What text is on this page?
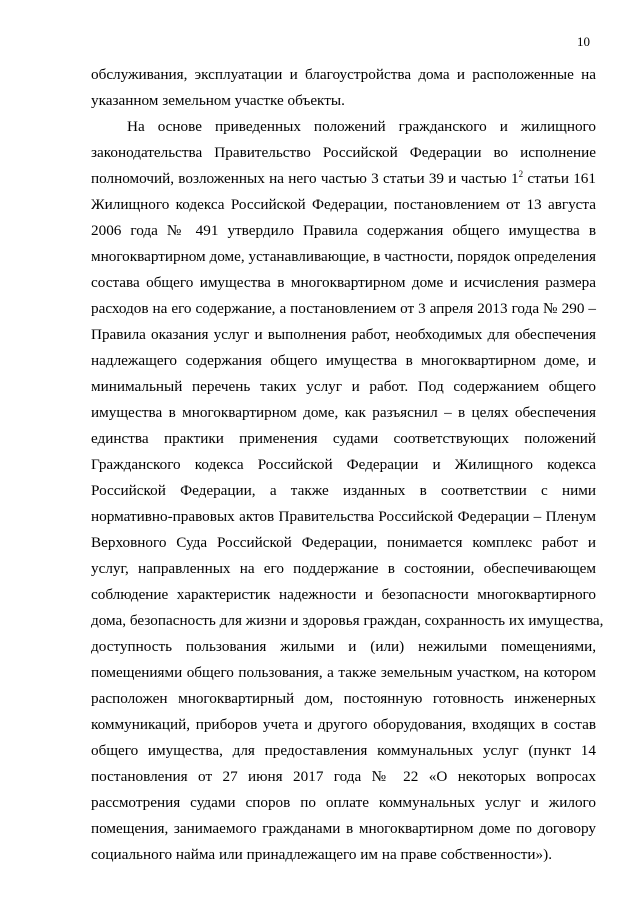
10
обслуживания, эксплуатации и благоустройства дома и расположенные на
указанном земельном участке объекты.
На основе приведенных положений гражданского и жилищного
законодательства Правительство Российской Федерации во исполнение
полномочий, возложенных на него частью 3 статьи 39 и частью $1^2$ статьи 161
Жилищного кодекса Российской Федерации, постановлением от 13 августа
2006 года № 491 утвердило Правила содержания общего имущества в
многоквартирном доме, устанавливающие, в частности, порядок определения
состава общего имущества в многоквартирном доме и исчисления размера
расходов на его содержание, а постановлением от 3 апреля 2013 года № 290 –
Правила оказания услуг и выполнения работ, необходимых для обеспечения
надлежащего содержания общего имущества в многоквартирном доме, и
минимальный перечень таких услуг и работ. Под содержанием общего
имущества в многоквартирном доме, как разъяснил – в целях обеспечения
единства практики применения судами соответствующих положений
Гражданского кодекса Российской Федерации и Жилищного кодекса
Российской Федерации, а также изданных в соответствии с ними
нормативно-правовых актов Правительства Российской Федерации – Пленум
Верховного Суда Российской Федерации, понимается комплекс работ и
услуг, направленных на его поддержание в состоянии, обеспечивающем
соблюдение характеристик надежности и безопасности многоквартирного
дома, безопасность для жизни и здоровья граждан, сохранность их имущества,
доступность пользования жилыми и (или) нежилыми помещениями,
помещениями общего пользования, а также земельным участком, на котором
расположен многоквартирный дом, постоянную готовность инженерных
коммуникаций, приборов учета и другого оборудования, входящих в состав
общего имущества, для предоставления коммунальных услуг (пункт 14
постановления от 27 июня 2017 года № 22 «О некоторых вопросах
рассмотрения судами споров по оплате коммунальных услуг и жилого
помещения, занимаемого гражданами в многоквартирном доме по договору
социального найма или принадлежащего им на праве собственности»).
